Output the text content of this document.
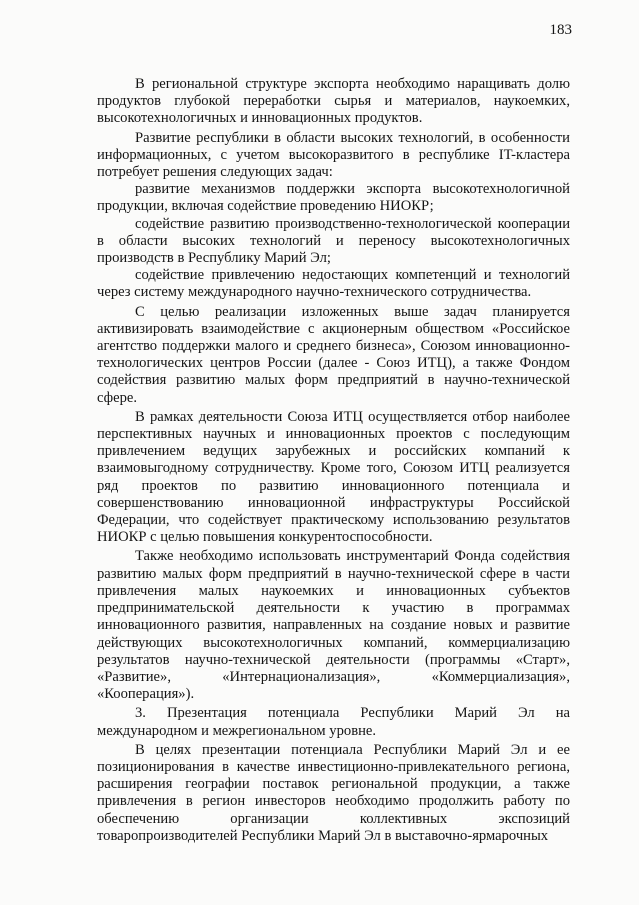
183

В региональной структуре экспорта необходимо наращивать долю продуктов глубокой переработки сырья и материалов, наукоемких, высокотехнологичных и инновационных продуктов.

Развитие республики в области высоких технологий, в особенности информационных, с учетом высокоразвитого в республике IT-кластера потребует решения следующих задач:

развитие механизмов поддержки экспорта высокотехнологичной продукции, включая содействие проведению НИОКР;

содействие развитию производственно-технологической кооперации в области высоких технологий и переносу высокотехнологичных производств в Республику Марий Эл;

содействие привлечению недостающих компетенций и технологий через систему международного научно-технического сотрудничества.

С целью реализации изложенных выше задач планируется активизировать взаимодействие с акционерным обществом «Российское агентство поддержки малого и среднего бизнеса», Союзом инновационно-технологических центров России (далее - Союз ИТЦ), а также Фондом содействия развитию малых форм предприятий в научно-технической сфере.

В рамках деятельности Союза ИТЦ осуществляется отбор наиболее перспективных научных и инновационных проектов с последующим привлечением ведущих зарубежных и российских компаний к взаимовыгодному сотрудничеству. Кроме того, Союзом ИТЦ реализуется ряд проектов по развитию инновационного потенциала и совершенствованию инновационной инфраструктуры Российской Федерации, что содействует практическому использованию результатов НИОКР с целью повышения конкурентоспособности.

Также необходимо использовать инструментарий Фонда содействия развитию малых форм предприятий в научно-технической сфере в части привлечения малых наукоемких и инновационных субъектов предпринимательской деятельности к участию в программах инновационного развития, направленных на создание новых и развитие действующих высокотехнологичных компаний, коммерциализацию результатов научно-технической деятельности (программы «Старт», «Развитие», «Интернационализация», «Коммерциализация», «Кооперация»).

3. Презентация потенциала Республики Марий Эл на международном и межрегиональном уровне.

В целях презентации потенциала Республики Марий Эл и ее позиционирования в качестве инвестиционно-привлекательного региона, расширения географии поставок региональной продукции, а также привлечения в регион инвесторов необходимо продолжить работу по обеспечению организации коллективных экспозиций товаропроизводителей Республики Марий Эл в выставочно-ярмарочных
